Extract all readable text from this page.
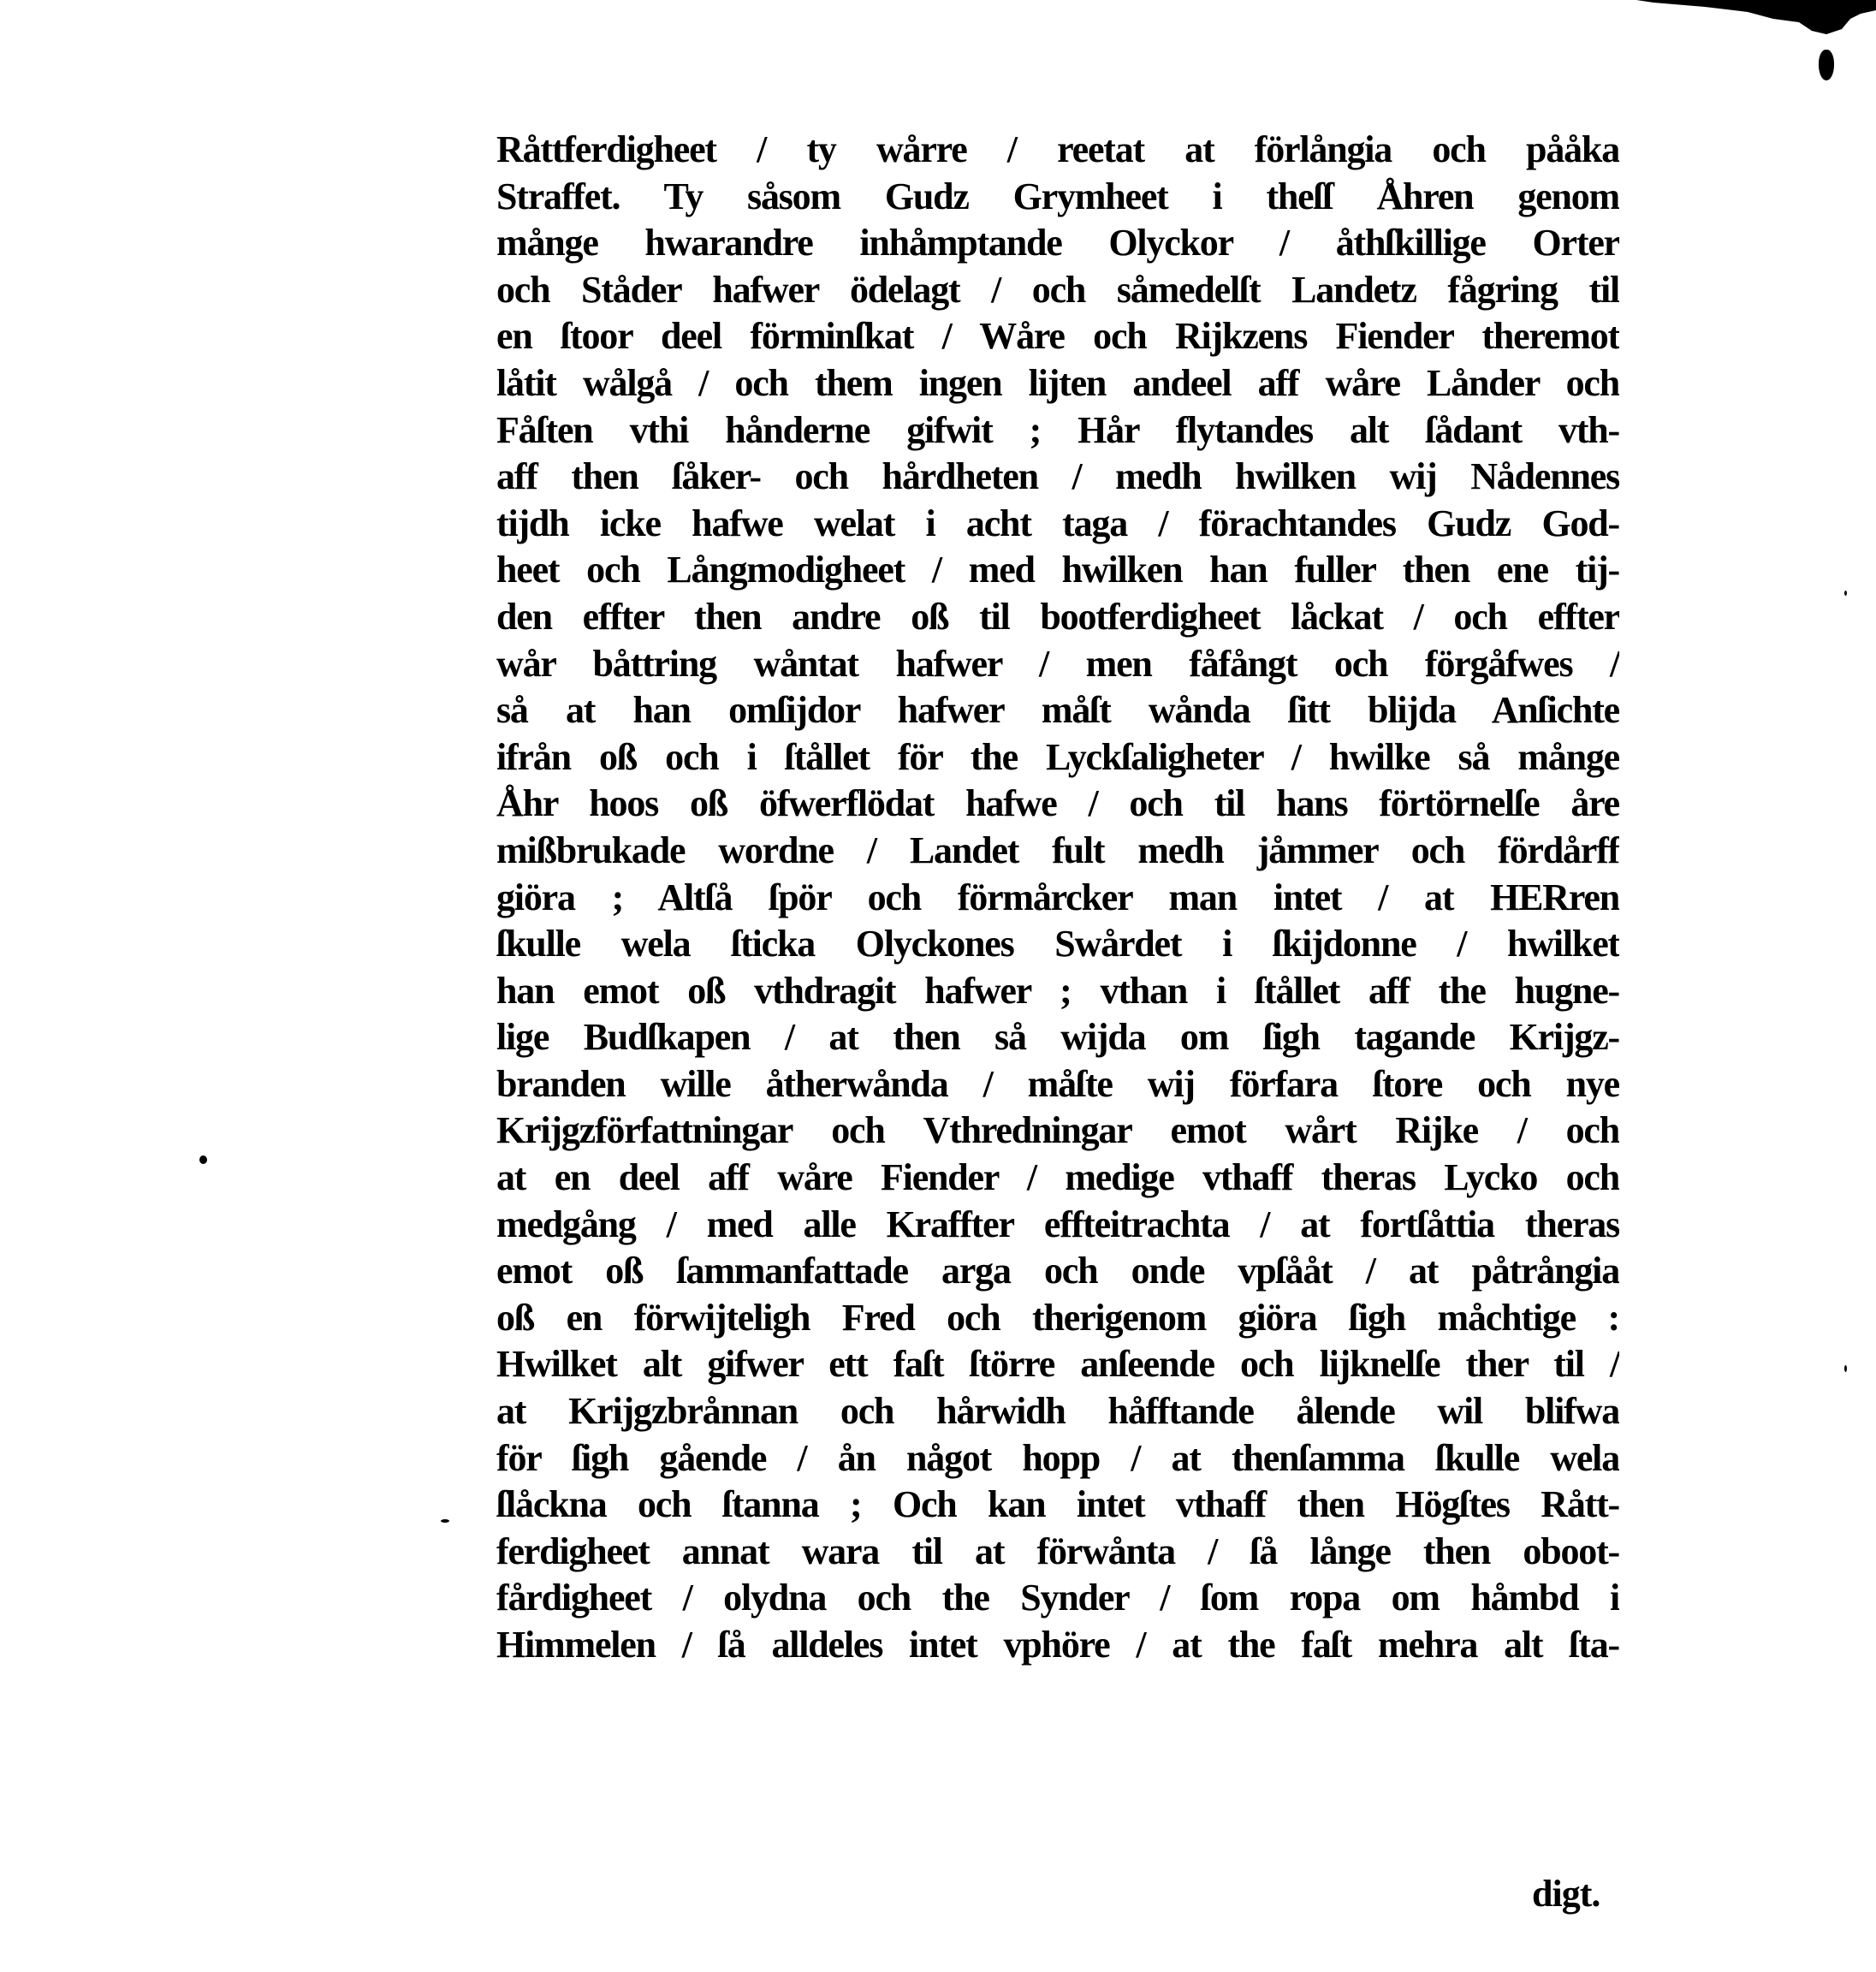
Råttferdigheet / ty wårre / reetat at förlångia och pååka
Straffet. Ty såsom Gudz Grymheet i theſſ Åhren genom
månge hwarandre inhåmptande Olyckor / åthſkillige Orter
och Ståder hafwer ödelagt / och såmedelſt Landetz fågring til
en ſtoor deel förminſkat / Wåre och Rijkzens Fiender theremot
låtit wålgå / och them ingen lijten andeel aff wåre Lånder och
Fåſten vthi hånderne gifwit ; Hår flytandes alt ſådant vth-
aff then ſåker- och hårdheten / medh hwilken wij Nådennes
tijdh icke hafwe welat i acht taga / förachtandes Gudz God-
heet och Långmodigheet / med hwilken han fuller then ene tij-
den effter then andre oß til bootferdigheet låckat / och effter
wår båttring wåntat hafwer / men fåfångt och förgåfwes /
så at han omſijdor hafwer måſt wånda ſitt blijda Anſichte
ifrån oß och i ſtållet för the Lyckſaligheter / hwilke så månge
Åhr hoos oß öfwerflödat hafwe / och til hans förtörnelſe åre
mißbrukade wordne / Landet fult medh jåmmer och fördårff
giöra ; Altſå ſpör och förmårcker man intet / at HERren
ſkulle wela ſticka Olyckones Swårdet i ſkijdonne / hwilket
han emot oß vthdragit hafwer ; vthan i ſtållet aff the hugne-
lige Budſkapen / at then så wijda om ſigh tagande Krijgz-
branden wille åtherwånda / måſte wij förfara ſtore och nye
Krijgzförfattningar och Vthredningar emot wårt Rijke / och
at en deel aff wåre Fiender / medige vthaff theras Lycko och
medgång / med alle Kraffter effteitrachta / at fortſåttia theras
emot oß ſammanfattade arga och onde vpſååt / at påtrångia
oß en förwijteligh Fred och therigenom giöra ſigh måchtige :
Hwilket alt gifwer ett faſt ſtörre anſeende och lijknelſe ther til /
at Krijgzbrånnan och hårwidh håfftande ålende wil blifwa
för ſigh gående / ån något hopp / at thenſamma ſkulle wela
ſlåckna och ſtanna ; Och kan intet vthaff then Högſtes Rått-
ferdigheet annat wara til at förwånta / ſå långe then oboot-
fårdigheet / olydna och the Synder / ſom ropa om håmbd i
Himmelen / ſå alldeles intet vphöre / at the faſt mehra alt ſta-
digt.
